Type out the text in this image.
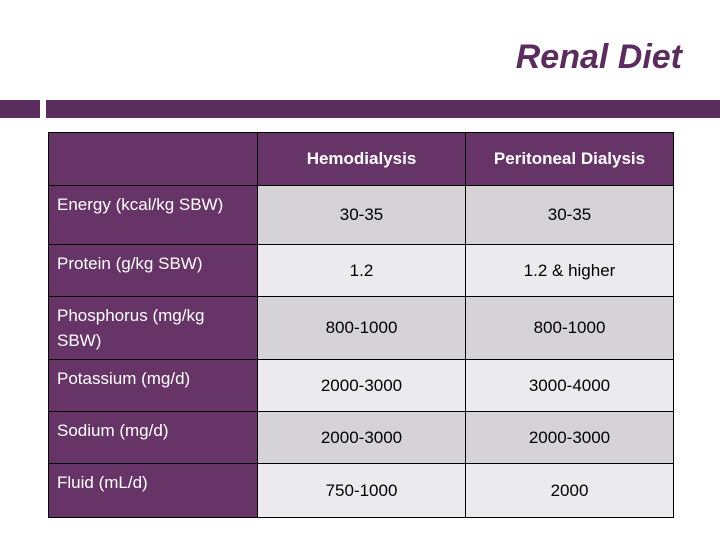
Renal Diet
	Hemodialysis	Peritoneal Dialysis
Energy (kcal/kg SBW)	30-35	30-35
Protein (g/kg SBW)	1.2	1.2 & higher
Phosphorus (mg/kg SBW)	800-1000	800-1000
Potassium (mg/d)	2000-3000	3000-4000
Sodium (mg/d)	2000-3000	2000-3000
Fluid (mL/d)	750-1000	2000
